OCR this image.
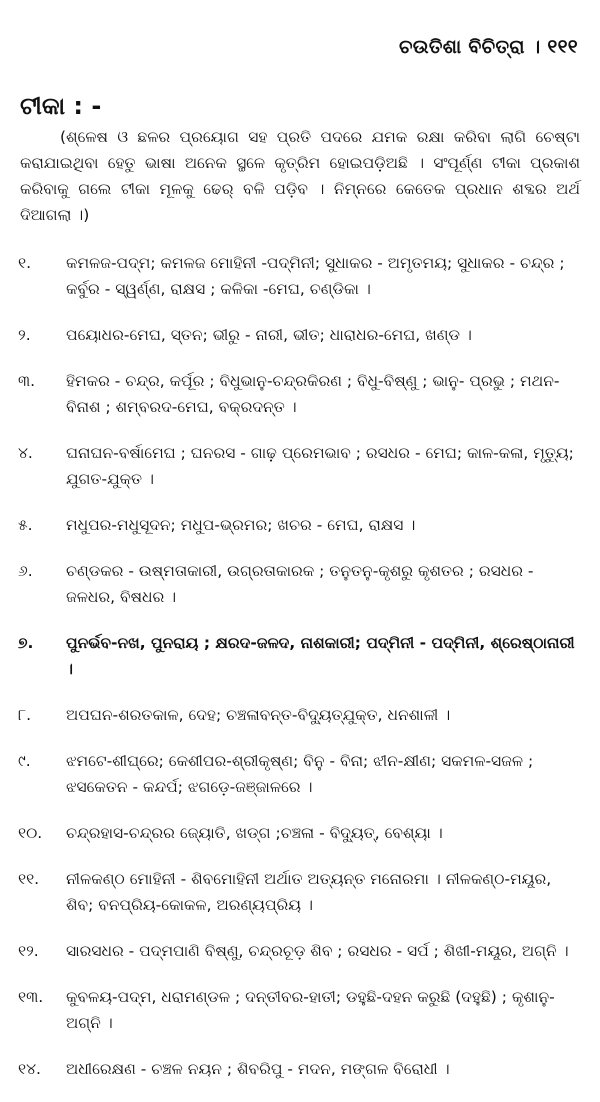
ଚଉତିଶା ବିଚିତ୍ରା । ୧୧୧
ଟୀକା : -
(ଶ୍ଳେଷ ଓ ଛଳର ପ୍ରୟୋଗ ସହ ପ୍ରତି ପଦରେ ଯମକ ରକ୍ଷା କରିବା ଲାଗି ଚେଷ୍ଟା କରାଯାଇଥିବା ହେତୁ ଭାଷା ଅନେକ ସ୍ଥଳେ କୃତ୍ରିମ ହୋଇପଡ଼ିଅଛି । ସଂପୂର୍ଣ୍ଣ ଟୀକା ପ୍ରକାଶ କରିବାକୁ ଗଲେ ଟୀକା ମୂଳକୁ ଢେର୍ ବଳି ପଡ଼ିବ । ନିମ୍ନରେ କେତେକ ପ୍ରଧାନ ଶବ୍ଦର ଅର୍ଥ ଦିଆଗଲା ।)
୧.	କମଳଜ-ପଦ୍ମ; କମଳଜ ମୋହିନୀ -ପଦ୍ମିନୀ; ସୁଧାକର - ଅମୃତମୟ; ସୁଧାକର - ଚନ୍ଦ୍ର ; କର୍ବୁର - ସ୍ୱର୍ଣ୍ଣ, ରାକ୍ଷସ ; କଳିକା -ମେଘ, ଚଣ୍ଡିକା ।
୨.	ପୟୋଧର-ମେଘ, ସ୍ତନ; ଭୀରୁ - ନାରୀ, ଭୀତ; ଧାରାଧର-ମେଘ, ଖଣ୍ଡ ।
୩.	ହିମକର - ଚନ୍ଦ୍ର, କର୍ପୂର ; ବିଧୁଭାନୁ-ଚନ୍ଦ୍ରକିରଣ ; ବିଧୁ-ବିଷ୍ଣୁ ; ଭାନୁ- ପ୍ରଭୁ ; ମଥନ-ବିନାଶ ; ଶମ୍ବରଦ-ମେଘ, ବକ୍ରଦନ୍ତ ।
୪.	ଘନାଘନ-ବର୍ଷାମେଘ ; ଘନରସ - ଗାଢ଼ ପ୍ରେମଭାବ ; ରସଧର - ମେଘ; କାଳ-କଳା, ମୃତ୍ୟୁ; ଯୁଗତ-ଯୁକ୍ତ ।
୫.	ମଧୁପର-ମଧୁସୂଦନ; ମଧୁପ-ଭ୍ରମର; ଖଚର - ମେଘ, ରାକ୍ଷସ ।
୬.	ଚଣ୍ଡକର - ଉଷ୍ମତାକାରୀ, ଉଗ୍ରତାକାରକ ; ତନୁତନୁ-କୃଶରୁ କୃଶତର ; ରସଧର - ଜଳଧର, ବିଷଧର ।
୭.	ପୁନର୍ଭବ-ନଖ, ପୁନରାୟ ; କ୍ଷରଦ-ଜଳଦ, ନାଶକାରୀ; ପଦ୍ମିନୀ - ପଦ୍ମିନୀ, ଶ୍ରେଷ୍ଠାନାରୀ ।
୮.	ଅପଘନ-ଶରତକାଳ, ଦେହ; ଚଞ୍ଚଳାବନ୍ତ-ବିଦ୍ୟୁତ୍‌ଯୁକ୍ତ, ଧନଶାଳୀ ।
୯.	ଝମଟେ-ଶୀଘ୍ରେ; କେଶୀପର-ଶ୍ରୀକୃଷ୍ଣ; ବିନୁ - ବିନା; ଝୀନ-କ୍ଷୀଣ; ସକମଳ-ସଜଳ ; ଝସକେତନ - କନ୍ଦର୍ପ; ଝଗଡ଼େ-ଜଞ୍ଜାଳରେ ।
୧୦.	ଚନ୍ଦ୍ରହାସ-ଚନ୍ଦ୍ରର ଜ୍ୟୋତି, ଖଡ୍ଗ ;ଚଞ୍ଚଳା - ବିଦ୍ୟୁତ୍, ବେଶ୍ୟା ।
୧୧.	ନୀଳକଣ୍ଠ ମୋହିନୀ - ଶିବମୋହିନୀ ଅର୍ଥାତ ଅତ୍ୟନ୍ତ ମନୋରମା । ନୀଳକଣ୍ଠ-ମୟୂର, ଶିବ; ବନପ୍ରିୟ-କୋକଳ, ଅରଣ୍ୟପ୍ରିୟ ।
୧୨.	ସାରସଧର - ପଦ୍ମପାଣି ବିଷ୍ଣୁ, ଚନ୍ଦ୍ରଚୂଡ଼ ଶିବ ; ରସଧର - ସର୍ପ ; ଶିଖୀ-ମୟୂର, ଅଗ୍ନି ।
୧୩.	କୁବଳୟ-ପଦ୍ମ, ଧରାମଣ୍ଡଳ ; ଦନ୍ତୀବର-ହାତୀ; ଡହୁଛି-ଦହନ କରୁଛି (ଦହୁଛି) ; କୃଶାନୁ-ଅଗ୍ନି ।
୧୪.	ଅଧୀରେକ୍ଷଣ - ଚଞ୍ଚଳ ନୟନ ; ଶିବରିପୁ - ମଦନ, ମଙ୍ଗଳ ବିରୋଧୀ ।
